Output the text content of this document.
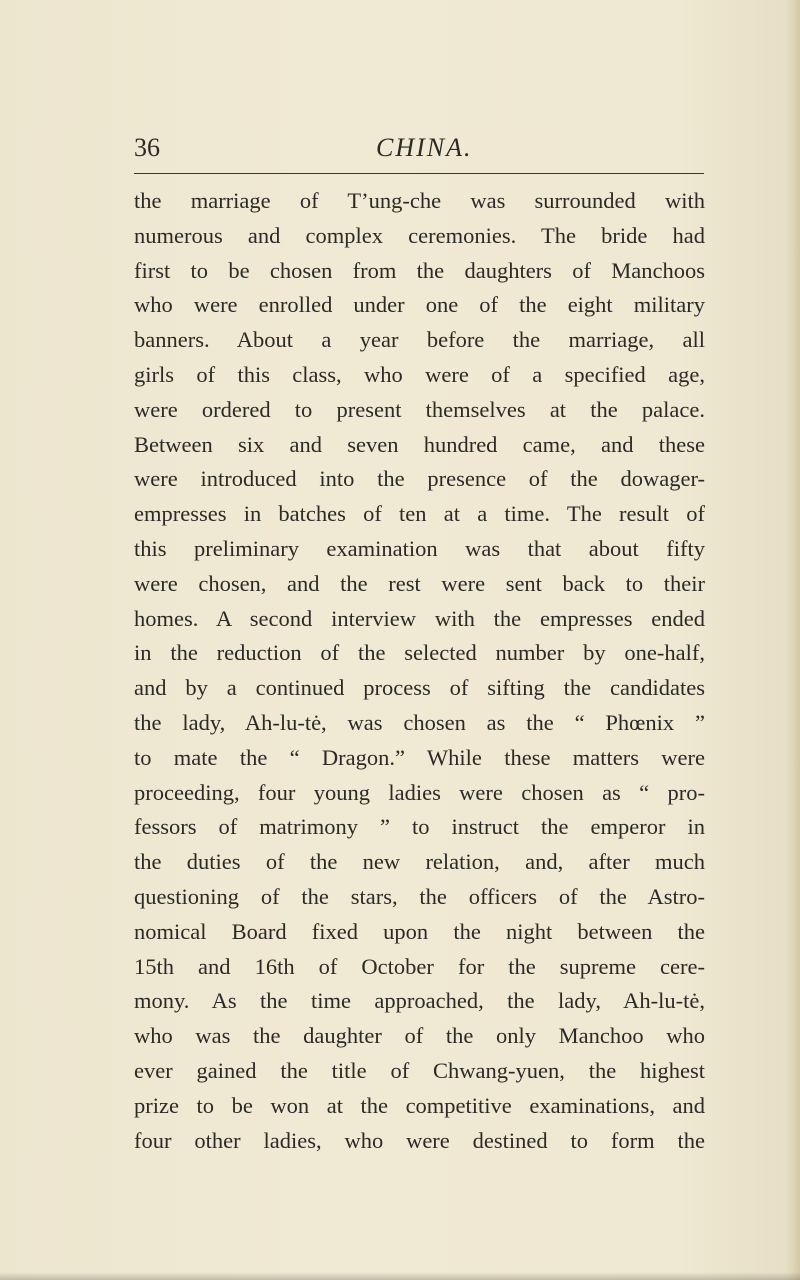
36	CHINA.
the marriage of T’ung-che was surrounded with
numerous and complex ceremonies. The bride had
first to be chosen from the daughters of Manchoos
who were enrolled under one of the eight military
banners. About a year before the marriage, all
girls of this class, who were of a specified age,
were ordered to present themselves at the palace.
Between six and seven hundred came, and these
were introduced into the presence of the dowager-
empresses in batches of ten at a time. The result of
this preliminary examination was that about fifty
were chosen, and the rest were sent back to their
homes. A second interview with the empresses ended
in the reduction of the selected number by one-half,
and by a continued process of sifting the candidates
the lady, Ah-lu-tė, was chosen as the “ Phœnix ”
to mate the “ Dragon.” While these matters were
proceeding, four young ladies were chosen as “ pro-
fessors of matrimony ” to instruct the emperor in
the duties of the new relation, and, after much
questioning of the stars, the officers of the Astro-
nomical Board fixed upon the night between the
15th and 16th of October for the supreme cere-
mony. As the time approached, the lady, Ah-lu-tė,
who was the daughter of the only Manchoo who
ever gained the title of Chwang-yuen, the highest
prize to be won at the competitive examinations, and
four other ladies, who were destined to form the
